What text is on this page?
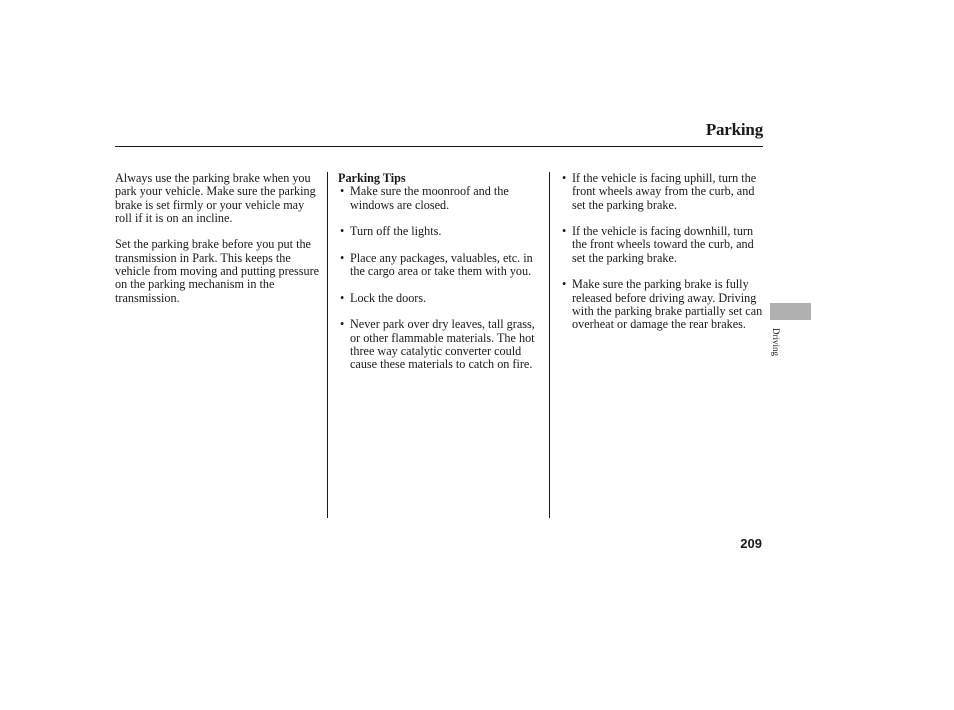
Parking

Always use the parking brake when you park your vehicle. Make sure the parking brake is set firmly or your vehicle may roll if it is on an incline.

Set the parking brake before you put the transmission in Park. This keeps the vehicle from moving and putting pressure on the parking mechanism in the transmission.

Parking Tips

• Make sure the moonroof and the windows are closed.
• Turn off the lights.
• Place any packages, valuables, etc. in the cargo area or take them with you.
• Lock the doors.
• Never park over dry leaves, tall grass, or other flammable materials. The hot three way catalytic converter could cause these materials to catch on fire.
• If the vehicle is facing uphill, turn the front wheels away from the curb, and set the parking brake.
• If the vehicle is facing downhill, turn the front wheels toward the curb, and set the parking brake.
• Make sure the parking brake is fully released before driving away. Driving with the parking brake partially set can overheat or damage the rear brakes.
Driving
209
